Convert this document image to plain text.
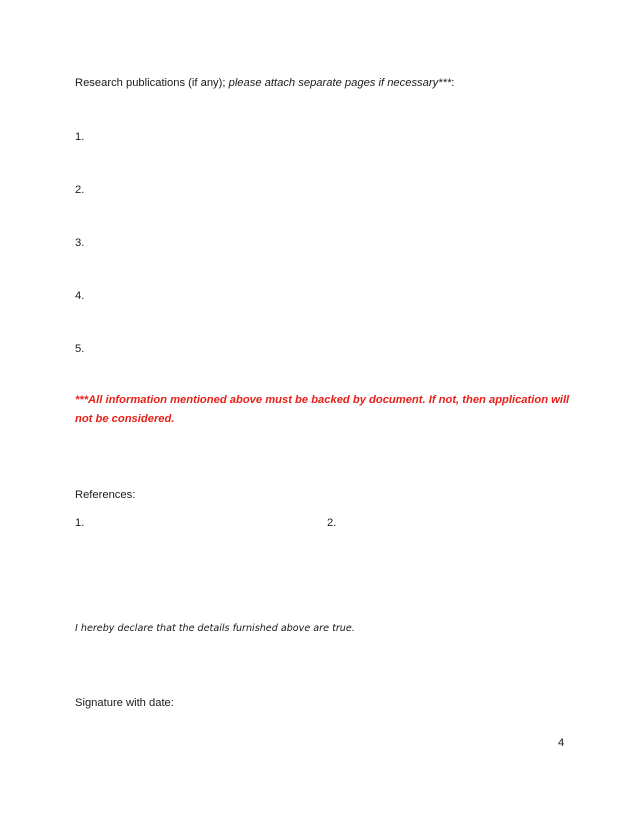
Research publications (if any); please attach separate pages if necessary***:
1.
2.
3.
4.
5.
***All information mentioned above must be backed by document. If not, then application will not be considered.
References:
1.	2.
I hereby declare that the details furnished above are true.
Signature with date:
4
